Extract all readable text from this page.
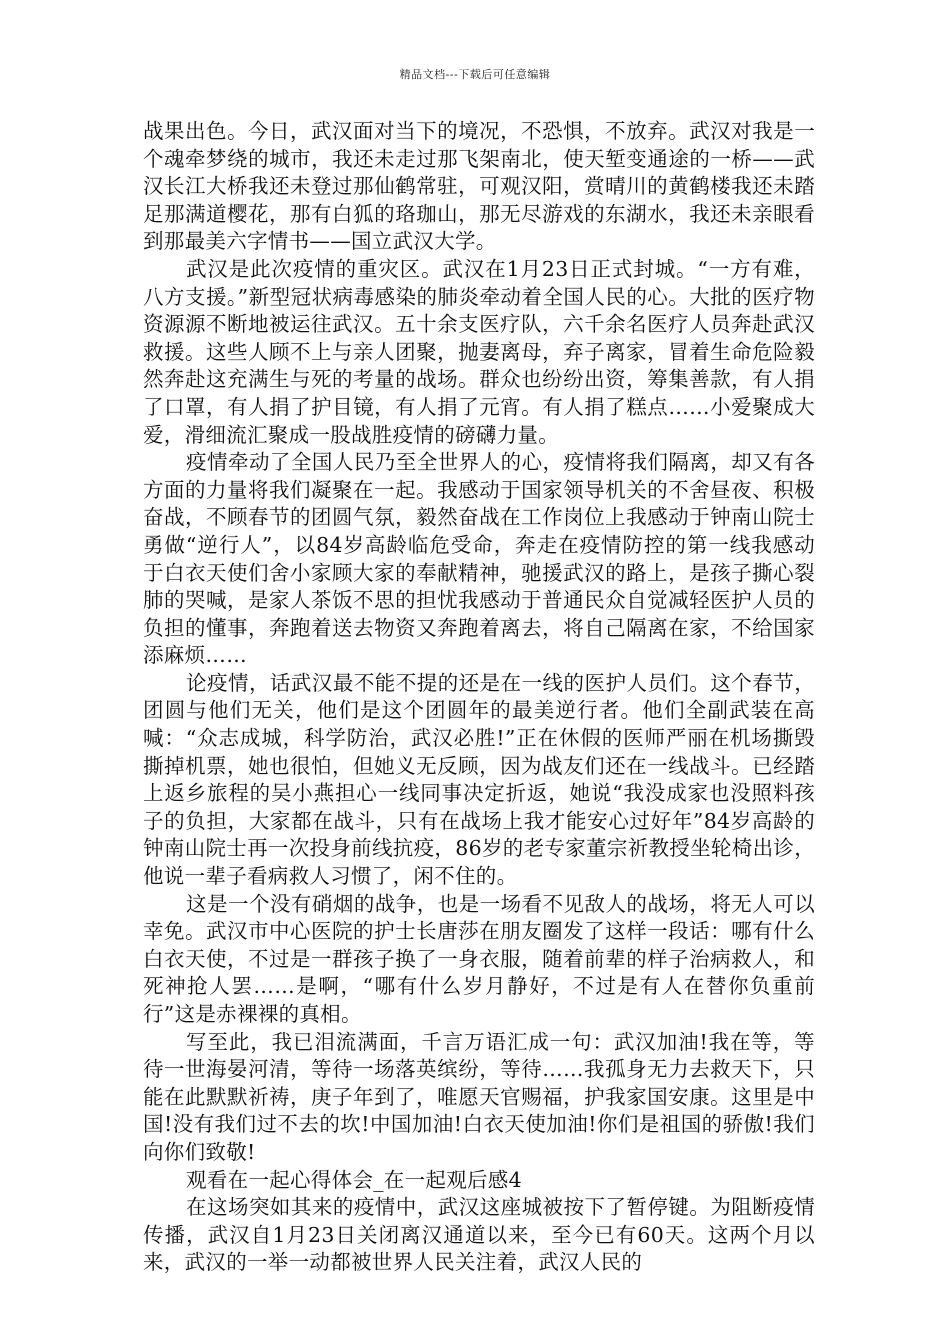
精品文档---下载后可任意编辑

战果出色。今日，武汉面对当下的境况，不恐惧，不放弃。武汉对我是一个魂牵梦绕的城市，我还未走过那飞架南北，使天堑变通途的一桥——武汉长江大桥我还未登过那仙鹤常驻，可观汉阳，赏晴川的黄鹤楼我还未踏足那满道樱花，那有白狐的珞珈山，那无尽游戏的东湖水，我还未亲眼看到那最美六字情书——国立武汉大学。

武汉是此次疫情的重灾区。武汉在1月23日正式封城。“一方有难，八方支援。”新型冠状病毒感染的肺炎牵动着全国人民的心。大批的医疗物资源源不断地被运往武汉。五十余支医疗队，六千余名医疗人员奔赴武汉救援。这些人顾不上与亲人团聚，抛妻离母，弃子离家，冒着生命危险毅然奔赴这充满生与死的考量的战场。群众也纷纷出资，筹集善款，有人捐了口罩，有人捐了护目镜，有人捐了元宵。有人捐了糕点……小爱聚成大爱，滑细流汇聚成一股战胜疫情的磅礴力量。

疫情牵动了全国人民乃至全世界人的心，疫情将我们隔离，却又有各方面的力量将我们凝聚在一起。我感动于国家领导机关的不舍昼夜、积极奋战，不顾春节的团圆气氛，毅然奋战在工作岗位上我感动于钟南山院士勇做“逆行人”，以84岁高龄临危受命，奔走在疫情防控的第一线我感动于白衣天使们舍小家顾大家的奉献精神，驰援武汉的路上，是孩子撕心裂肺的哭喊，是家人茶饭不思的担忧我感动于普通民众自觉减轻医护人员的负担的懂事，奔跑着送去物资又奔跑着离去，将自己隔离在家，不给国家添麻烦……

论疫情，话武汉最不能不提的还是在一线的医护人员们。这个春节，团圆与他们无关，他们是这个团圆年的最美逆行者。他们全副武装在高喊：“众志成城，科学防治，武汉必胜!”正在休假的医师严丽在机场撕毁撕掉机票，她也很怕，但她义无反顾，因为战友们还在一线战斗。已经踏上返乡旅程的吴小燕担心一线同事决定折返，她说“我没成家也没照料孩子的负担，大家都在战斗，只有在战场上我才能安心过好年”84岁高龄的钟南山院士再一次投身前线抗疫，86岁的老专家董宗祈教授坐轮椅出诊，他说一辈子看病救人习惯了，闲不住的。

这是一个没有硝烟的战争，也是一场看不见敌人的战场，将无人可以幸免。武汉市中心医院的护士长唐莎在朋友圈发了这样一段话：哪有什么白衣天使，不过是一群孩子换了一身衣服，随着前辈的样子治病救人，和死神抢人罢……是啊，“哪有什么岁月静好，不过是有人在替你负重前行”这是赤裸裸的真相。

写至此，我已泪流满面，千言万语汇成一句：武汉加油!我在等，等待一世海晏河清，等待一场落英缤纷，等待……我孤身无力去救天下，只能在此默默祈祷，庚子年到了，唯愿天官赐福，护我家国安康。这里是中国!没有我们过不去的坎!中国加油!白衣天使加油!你们是祖国的骄傲!我们向你们致敬!

观看在一起心得体会_在一起观后感4

在这场突如其来的疫情中，武汉这座城被按下了暂停键。为阻断疫情传播，武汉自1月23日关闭离汉通道以来，至今已有60天。这两个月以来，武汉的一举一动都被世界人民关注着，武汉人民的
